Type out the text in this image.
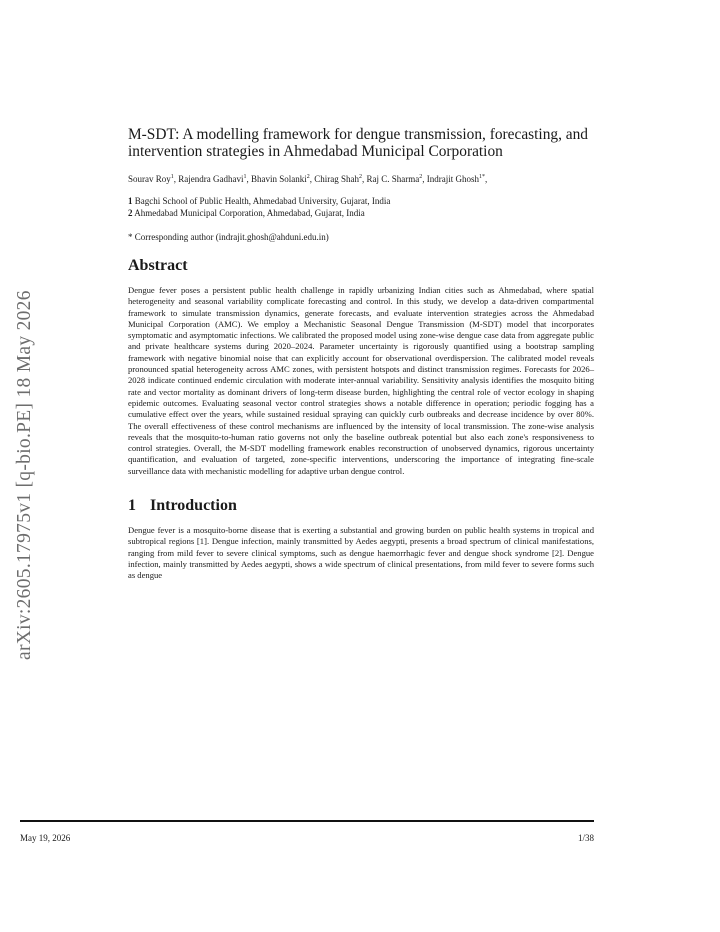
arXiv:2605.17975v1 [q-bio.PE] 18 May 2026
M-SDT: A modelling framework for dengue transmission, forecasting, and intervention strategies in Ahmedabad Municipal Corporation
Sourav Roy$^1$, Rajendra Gadhavi$^1$, Bhavin Solanki$^2$, Chirag Shah$^2$, Raj C. Sharma$^2$, Indrajit Ghosh$^{1*}$,
1 Bagchi School of Public Health, Ahmedabad University, Gujarat, India
2 Ahmedabad Municipal Corporation, Ahmedabad, Gujarat, India
* Corresponding author (indrajit.ghosh@ahduni.edu.in)
Abstract

Dengue fever poses a persistent public health challenge in rapidly urbanizing Indian cities such as Ahmedabad, where spatial heterogeneity and seasonal variability complicate forecasting and control. In this study, we develop a data-driven compartmental framework to simulate transmission dynamics, generate forecasts, and evaluate intervention strategies across the Ahmedabad Municipal Corporation (AMC). We employ a Mechanistic Seasonal Dengue Transmission (M-SDT) model that incorporates symptomatic and asymptomatic infections. We calibrated the proposed model using zone-wise dengue case data from aggregate public and private healthcare systems during 2020–2024. Parameter uncertainty is rigorously quantified using a bootstrap sampling framework with negative binomial noise that can explicitly account for observational overdispersion. The calibrated model reveals pronounced spatial heterogeneity across AMC zones, with persistent hotspots and distinct transmission regimes. Forecasts for 2026–2028 indicate continued endemic circulation with moderate inter-annual variability. Sensitivity analysis identifies the mosquito biting rate and vector mortality as dominant drivers of long-term disease burden, highlighting the central role of vector ecology in shaping epidemic outcomes. Evaluating seasonal vector control strategies shows a notable difference in operation; periodic fogging has a cumulative effect over the years, while sustained residual spraying can quickly curb outbreaks and decrease incidence by over 80%. The overall effectiveness of these control mechanisms are influenced by the intensity of local transmission. The zone-wise analysis reveals that the mosquito-to-human ratio governs not only the baseline outbreak potential but also each zone's responsiveness to control strategies. Overall, the M-SDT modelling framework enables reconstruction of unobserved dynamics, rigorous uncertainty quantification, and evaluation of targeted, zone-specific interventions, underscoring the importance of integrating fine-scale surveillance data with mechanistic modelling for adaptive urban dengue control.

1 Introduction

Dengue fever is a mosquito-borne disease that is exerting a substantial and growing burden on public health systems in tropical and subtropical regions [1]. Dengue infection, mainly transmitted by Aedes aegypti, presents a broad spectrum of clinical manifestations, ranging from mild fever to severe clinical symptoms, such as dengue haemorrhagic fever and dengue shock syndrome [2]. Dengue infection, mainly transmitted by Aedes aegypti, shows a wide spectrum of clinical presentations, from mild fever to severe forms such as dengue

May 19, 2026	1/38
